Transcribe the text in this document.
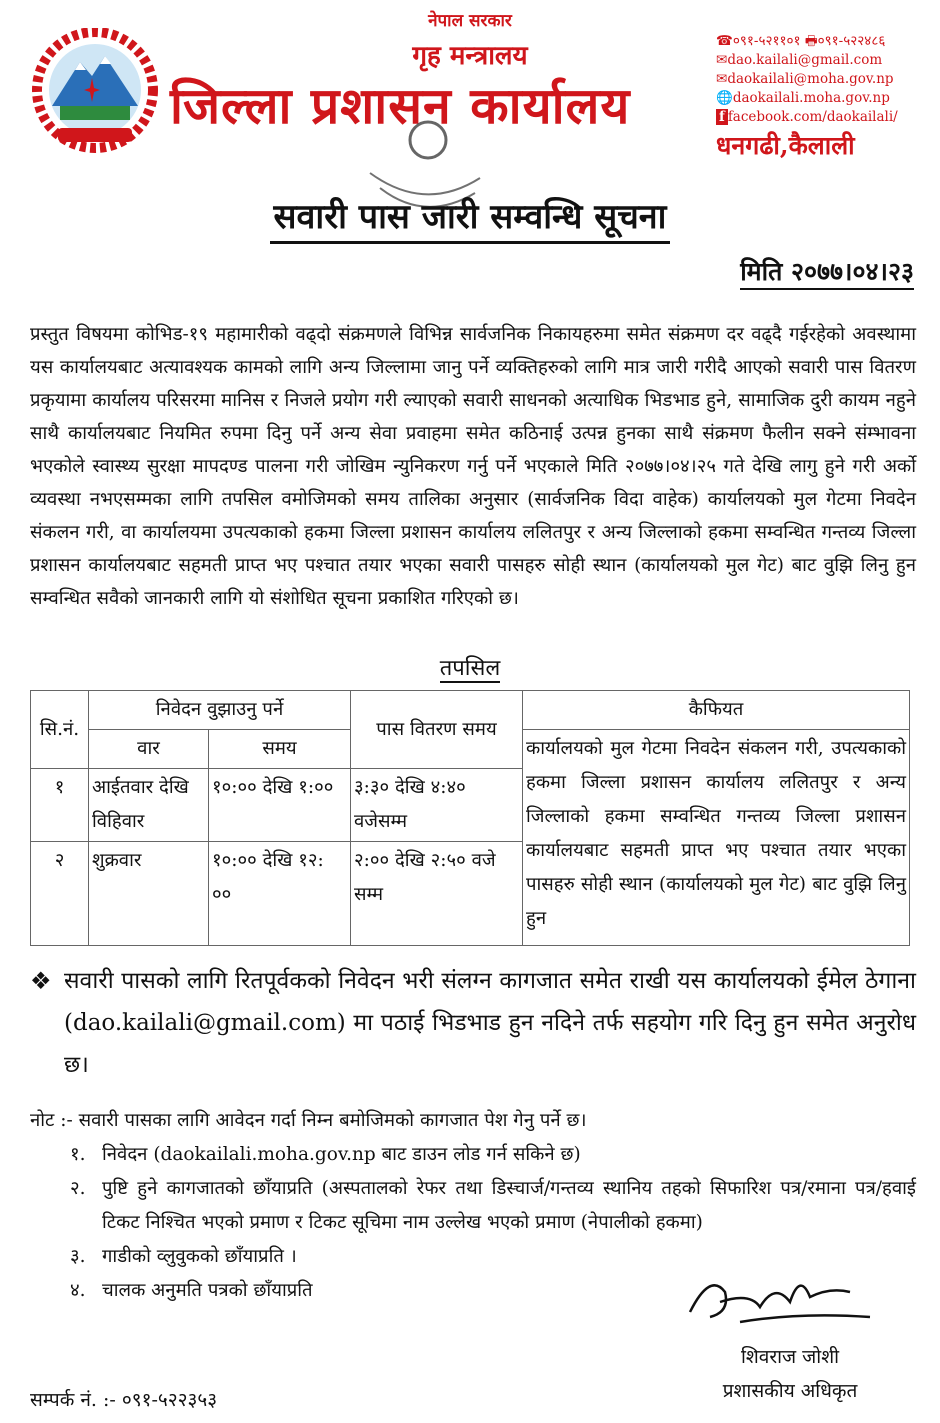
नेपाल सरकार
गृह मन्त्रालय
जिल्ला प्रशासन कार्यालय
☎०९१-५२११०१ 🖶०९१-५२२४८६
✉dao.kailali@gmail.com
✉daokailali@moha.gov.np
🌐daokailali.moha.gov.np
f facebook.com/daokailali/
धनगढी,कैलाली
सवारी पास जारी सम्वन्धि सूचना
मिति २०७७।०४।२३
प्रस्तुत विषयमा कोभिड-१९ महामारीको वढ्दो संक्रमणले विभिन्न सार्वजनिक निकायहरुमा समेत संक्रमण दर वढ्दै गईरहेको अवस्थामा यस कार्यालयबाट अत्यावश्यक कामको लागि अन्य जिल्लामा जानु पर्ने व्यक्तिहरुको लागि मात्र जारी गरीदै आएको सवारी पास वितरण प्रकृयामा कार्यालय परिसरमा मानिस र निजले प्रयोग गरी ल्याएको सवारी साधनको अत्याधिक भिडभाड हुने, सामाजिक दुरी कायम नहुने साथै कार्यालयबाट नियमित रुपमा दिनु पर्ने अन्य सेवा प्रवाहमा समेत कठिनाई उत्पन्न हुनका साथै संक्रमण फैलीन सक्ने संम्भावना भएकोले स्वास्थ्य सुरक्षा मापदण्ड पालना गरी जोखिम न्युनिकरण गर्नु पर्ने भएकाले मिति २०७७।०४।२५ गते देखि लागु हुने गरी अर्को व्यवस्था नभएसम्मका लागि तपसिल वमोजिमको समय तालिका अनुसार (सार्वजनिक विदा वाहेक) कार्यालयको मुल गेटमा निवदेन संकलन गरी, वा कार्यालयमा उपत्यकाको हकमा जिल्ला प्रशासन कार्यालय ललितपुर र अन्य जिल्लाको हकमा सम्वन्धित गन्तव्य जिल्ला प्रशासन कार्यालयबाट सहमती प्राप्त भए पश्चात तयार भएका सवारी पासहरु सोही स्थान (कार्यालयको मुल गेट) बाट वुझि लिनु हुन सम्वन्धित सवैको जानकारी लागि यो संशोधित सूचना प्रकाशित गरिएको छ।
तपसिल
सि.नं.	निवेदन वुझाउनु पर्ने		पास वितरण समय	कैफियत
	वार	समय		कार्यालयको मुल गेटमा निवदेन संकलन गरी, उपत्यकाको हकमा जिल्ला प्रशासन कार्यालय ललितपुर र अन्य जिल्लाको हकमा सम्वन्धित गन्तव्य जिल्ला प्रशासन कार्यालयबाट सहमती प्राप्त भए पश्चात तयार भएका पासहरु सोही स्थान (कार्यालयको मुल गेट) बाट वुझि लिनु हुन
१	आईतवार देखि विहिवार	१०:०० देखि १:००	३:३० देखि ४:४० वजेसम्म	
२	शुक्रवार	१०:०० देखि १२: ००	२:०० देखि २:५० वजे सम्म	
❖ सवारी पासको लागि रितपूर्वकको निवेदन भरी संलग्न कागजात समेत राखी यस कार्यालयको ईमेल ठेगाना (dao.kailali@gmail.com) मा पठाई भिडभाड हुन नदिने तर्फ सहयोग गरि दिनु हुन समेत अनुरोध छ।

नोट :- सवारी पासका लागि आवेदन गर्दा निम्न बमोजिमको कागजात पेश गेनु पर्ने छ।
१. निवेदन (daokailali.moha.gov.np बाट डाउन लोड गर्न सकिने छ)
२. पुष्टि हुने कागजातको छाँयाप्रति (अस्पतालको रेफर तथा डिस्चार्ज/गन्तव्य स्थानिय तहको सिफारिश पत्र/रमाना पत्र/हवाई टिकट निश्चित भएको प्रमाण र टिकट सूचिमा नाम उल्लेख भएको प्रमाण (नेपालीको हकमा)
३. गाडीको व्लुवुकको छाँयाप्रति ।
४. चालक अनुमति पत्रको छाँयाप्रति
शिवराज जोशी
प्रशासकीय अधिकृत
सम्पर्क नं. :- ०९१-५२२३५३
